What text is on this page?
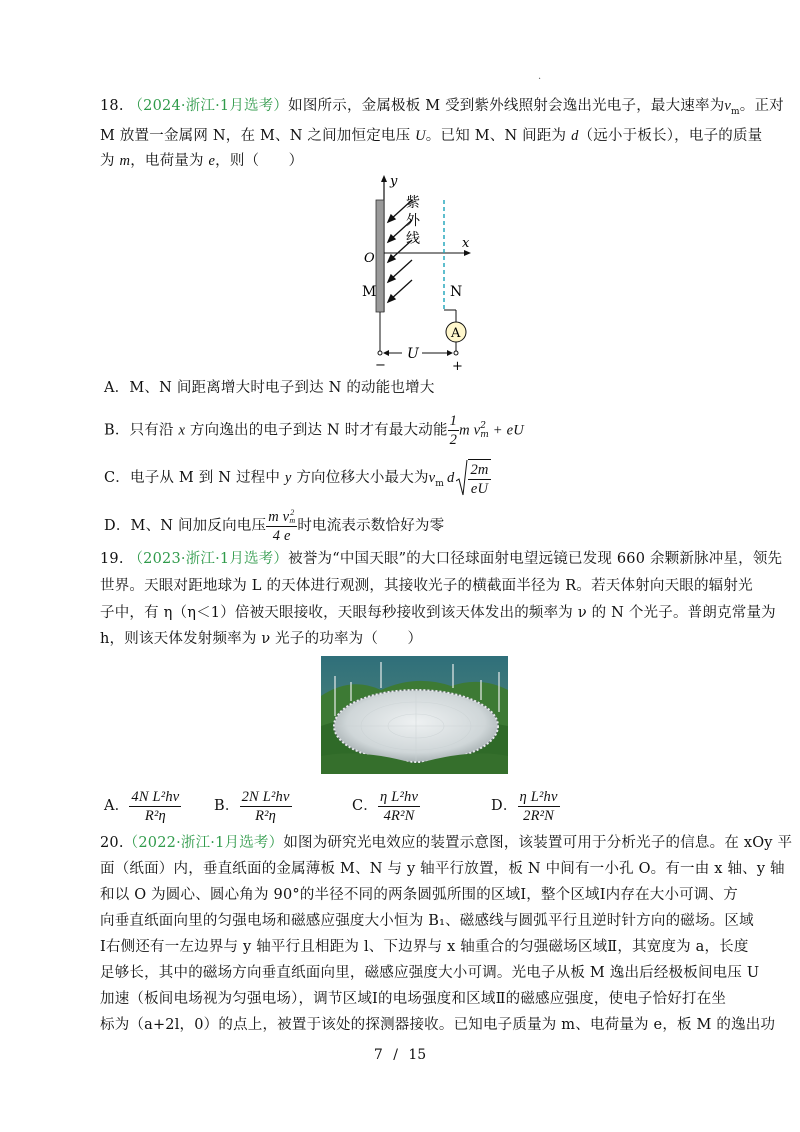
·
18. （2024·浙江·1月选考）如图所示，金属极板 M 受到紫外线照射会逸出光电子，最大速率为$v_m$。正对
M 放置一金属网 N，在 M、N 之间加恒定电压 U。已知 M、N 间距为 d（远小于板长），电子的质量
为 m，电荷量为 e，则（　　）
y
紫
外
线	x
O
M	N
A
U
−	+
A．M、N 间距离增大时电子到达 N 的动能也增大
B．只有沿 x 方向逸出的电子到达 N 时才有最大动能 $\frac{1}{2}$ m v 2
m + eU
C．电子从 M 到 N 过程中 y 方向位移大小最大为$v_m$ d $\frac{2m}{eU}$
D．M、N 间加反向电压 m v 2
m
4 e 时电流表示数恰好为零
19. （2023·浙江·1月选考）被誉为“中国天眼”的大口径球面射电望远镜已发现 660 余颗新脉冲星，领先
世界。天眼对距地球为 L 的天体进行观测，其接收光子的横截面半径为 R。若天体射向天眼的辐射光
子中，有 η（η＜1）倍被天眼接收，天眼每秒接收到该天体发出的频率为 ν 的 N 个光子。普朗克常量为
h，则该天体发射频率为 ν 光子的功率为（　　）
A． $\frac{\text{4N L²hν}}{\text{R²η}}$ B． $\frac{\text{2N L²hν}}{\text{R²η}}$	C． $\frac{\text{η L²hν}}{\text{4R²N}}$	D． $\frac{\text{η L²hν}}{\text{2R²N}}$
20.（2022·浙江·1月选考）如图为研究光电效应的装置示意图，该装置可用于分析光子的信息。在 xOy 平
面（纸面）内，垂直纸面的金属薄板 M、N 与 y 轴平行放置，板 N 中间有一小孔 O。有一由 x 轴、y 轴
和以 O 为圆心、圆心角为 90°的半径不同的两条圆弧所围的区域Ⅰ，整个区域Ⅰ内存在大小可调、方
向垂直纸面向里的匀强电场和磁感应强度大小恒为 B₁、磁感线与圆弧平行且逆时针方向的磁场。区域
Ⅰ右侧还有一左边界与 y 轴平行且相距为 l、下边界与 x 轴重合的匀强磁场区域Ⅱ，其宽度为 a，长度
足够长，其中的磁场方向垂直纸面向里，磁感应强度大小可调。光电子从板 M 逸出后经极板间电压 U
加速（板间电场视为匀强电场），调节区域Ⅰ的电场强度和区域Ⅱ的磁感应强度，使电子恰好打在坐
标为（a+2l，0）的点上，被置于该处的探测器接收。已知电子质量为 m、电荷量为 e，板 M 的逸出功
7 / 15
